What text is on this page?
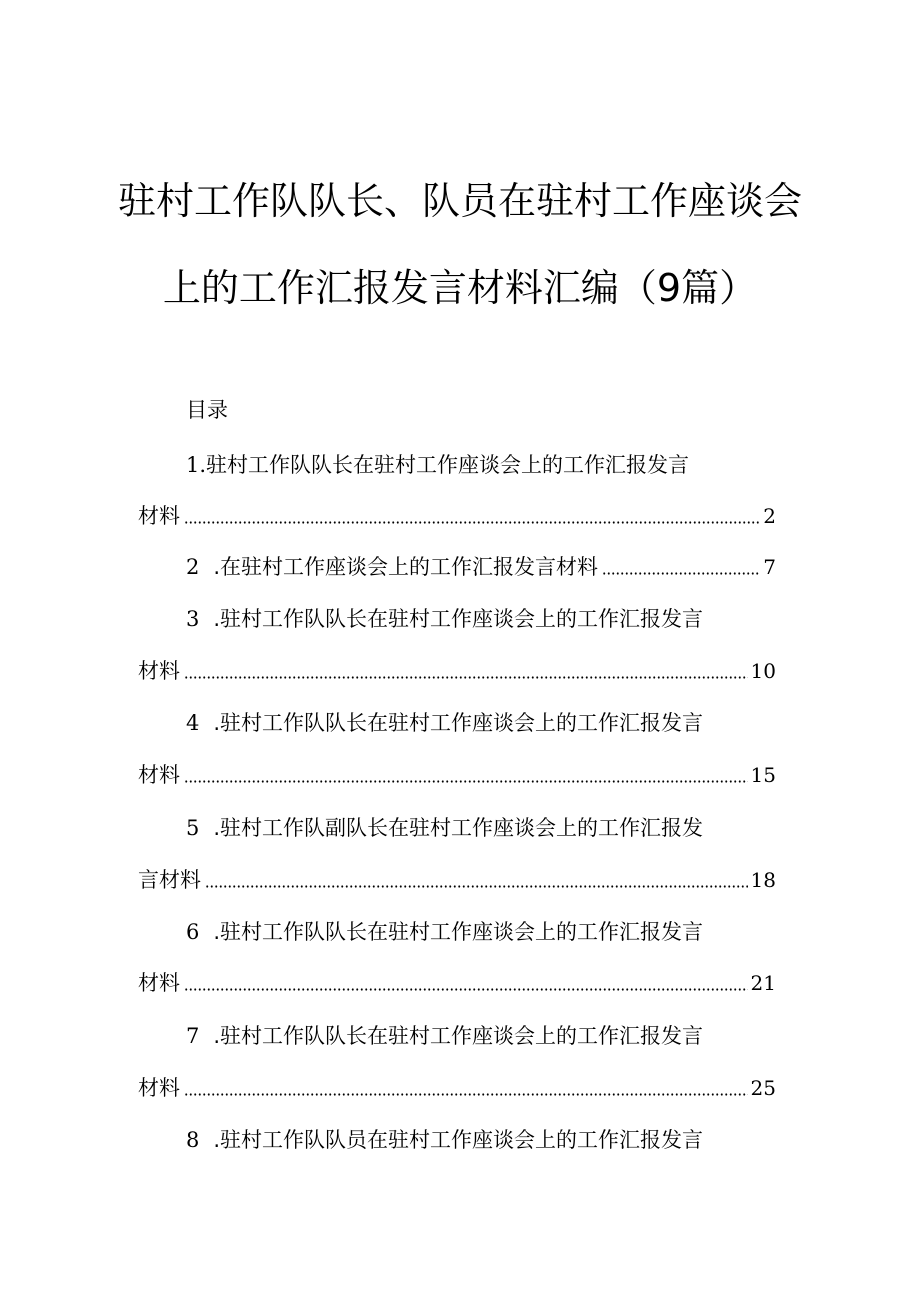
驻村工作队队长、队员在驻村工作座谈会
上的工作汇报发言材料汇编（9篇）
目录
1.驻村工作队队长在驻村工作座谈会上的工作汇报发言
材料	2
2 .在驻村工作座谈会上的工作汇报发言材料	7
3 .驻村工作队队长在驻村工作座谈会上的工作汇报发言
材料	10
4 .驻村工作队队长在驻村工作座谈会上的工作汇报发言
材料	15
5 .驻村工作队副队长在驻村工作座谈会上的工作汇报发
言材料	18
6 .驻村工作队队长在驻村工作座谈会上的工作汇报发言
材料	21
7 .驻村工作队队长在驻村工作座谈会上的工作汇报发言
材料	25
8 .驻村工作队队员在驻村工作座谈会上的工作汇报发言
